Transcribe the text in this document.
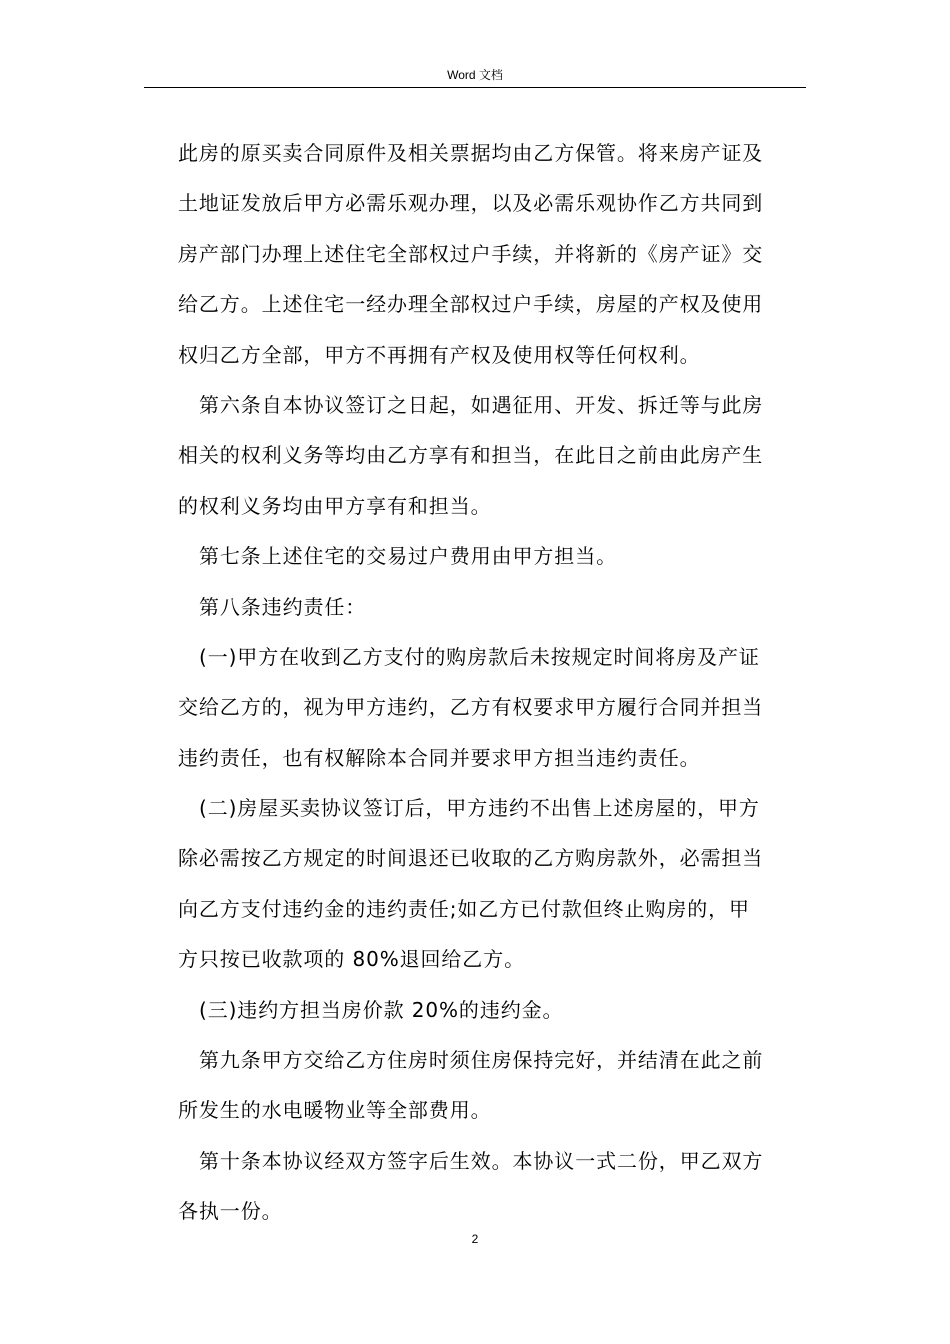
Word 文档
此房的原买卖合同原件及相关票据均由乙方保管。将来房产证及
土地证发放后甲方必需乐观办理，以及必需乐观协作乙方共同到
房产部门办理上述住宅全部权过户手续，并将新的《房产证》交
给乙方。上述住宅一经办理全部权过户手续，房屋的产权及使用
权归乙方全部，甲方不再拥有产权及使用权等任何权利。
第六条自本协议签订之日起，如遇征用、开发、拆迁等与此房
相关的权利义务等均由乙方享有和担当，在此日之前由此房产生
的权利义务均由甲方享有和担当。
第七条上述住宅的交易过户费用由甲方担当。
第八条违约责任：
(一)甲方在收到乙方支付的购房款后未按规定时间将房及产证
交给乙方的，视为甲方违约，乙方有权要求甲方履行合同并担当
违约责任，也有权解除本合同并要求甲方担当违约责任。
(二)房屋买卖协议签订后，甲方违约不出售上述房屋的，甲方
除必需按乙方规定的时间退还已收取的乙方购房款外，必需担当
向乙方支付违约金的违约责任;如乙方已付款但终止购房的，甲
方只按已收款项的 80%退回给乙方。
(三)违约方担当房价款 20%的违约金。
第九条甲方交给乙方住房时须住房保持完好，并结清在此之前
所发生的水电暖物业等全部费用。
第十条本协议经双方签字后生效。本协议一式二份，甲乙双方
各执一份。
2
